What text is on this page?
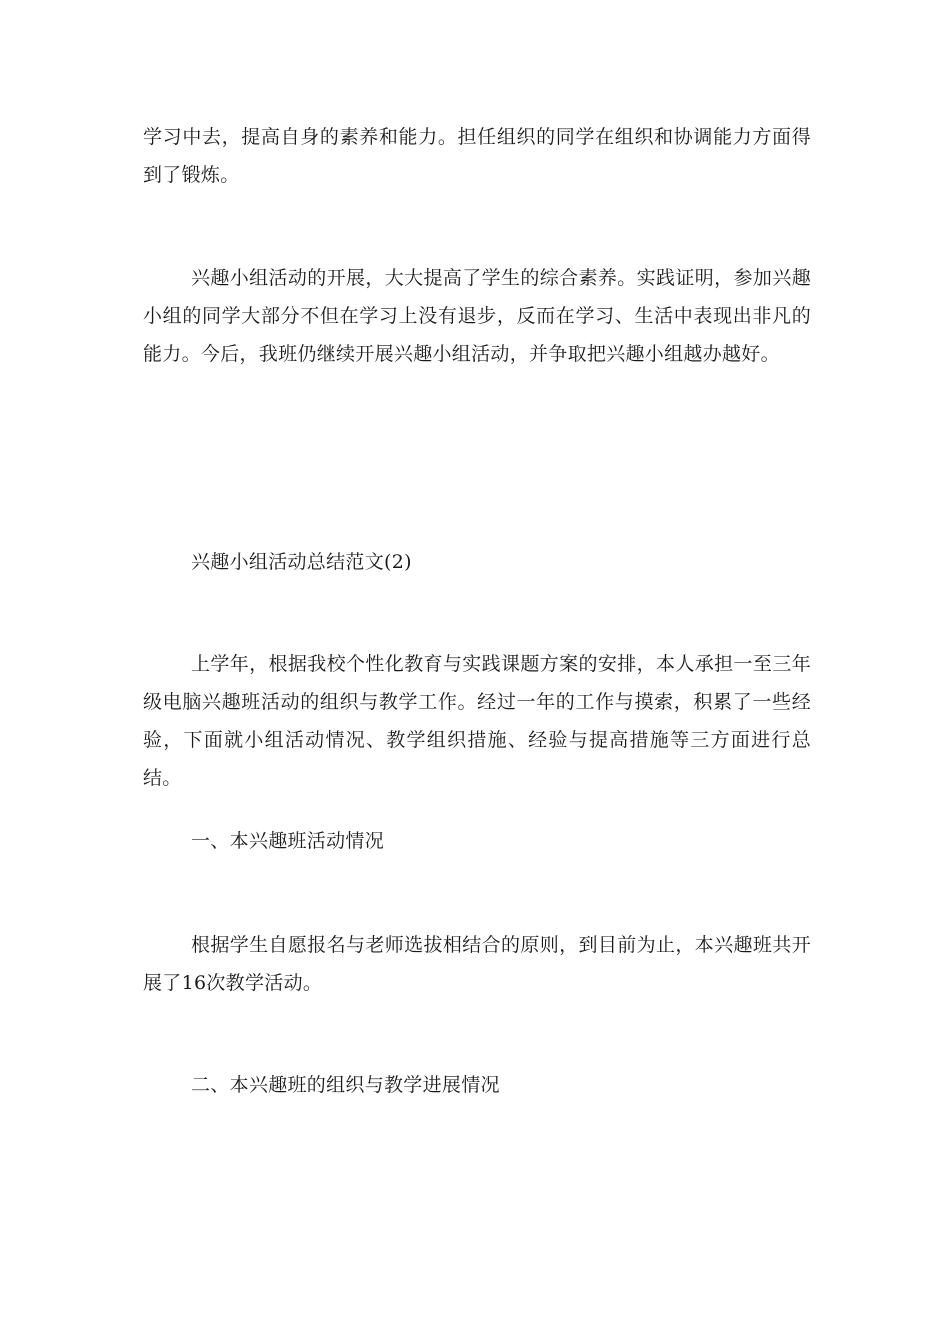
学习中去，提高自身的素养和能力。担任组织的同学在组织和协调能力方面得到了锻炼。

兴趣小组活动的开展，大大提高了学生的综合素养。实践证明，参加兴趣小组的同学大部分不但在学习上没有退步，反而在学习、生活中表现出非凡的能力。今后，我班仍继续开展兴趣小组活动，并争取把兴趣小组越办越好。

兴趣小组活动总结范文(2)

上学年，根据我校个性化教育与实践课题方案的安排，本人承担一至三年级电脑兴趣班活动的组织与教学工作。经过一年的工作与摸索，积累了一些经验，下面就小组活动情况、教学组织措施、经验与提高措施等三方面进行总结。

一、本兴趣班活动情况

根据学生自愿报名与老师选拔相结合的原则，到目前为止，本兴趣班共开展了16次教学活动。

二、本兴趣班的组织与教学进展情况
